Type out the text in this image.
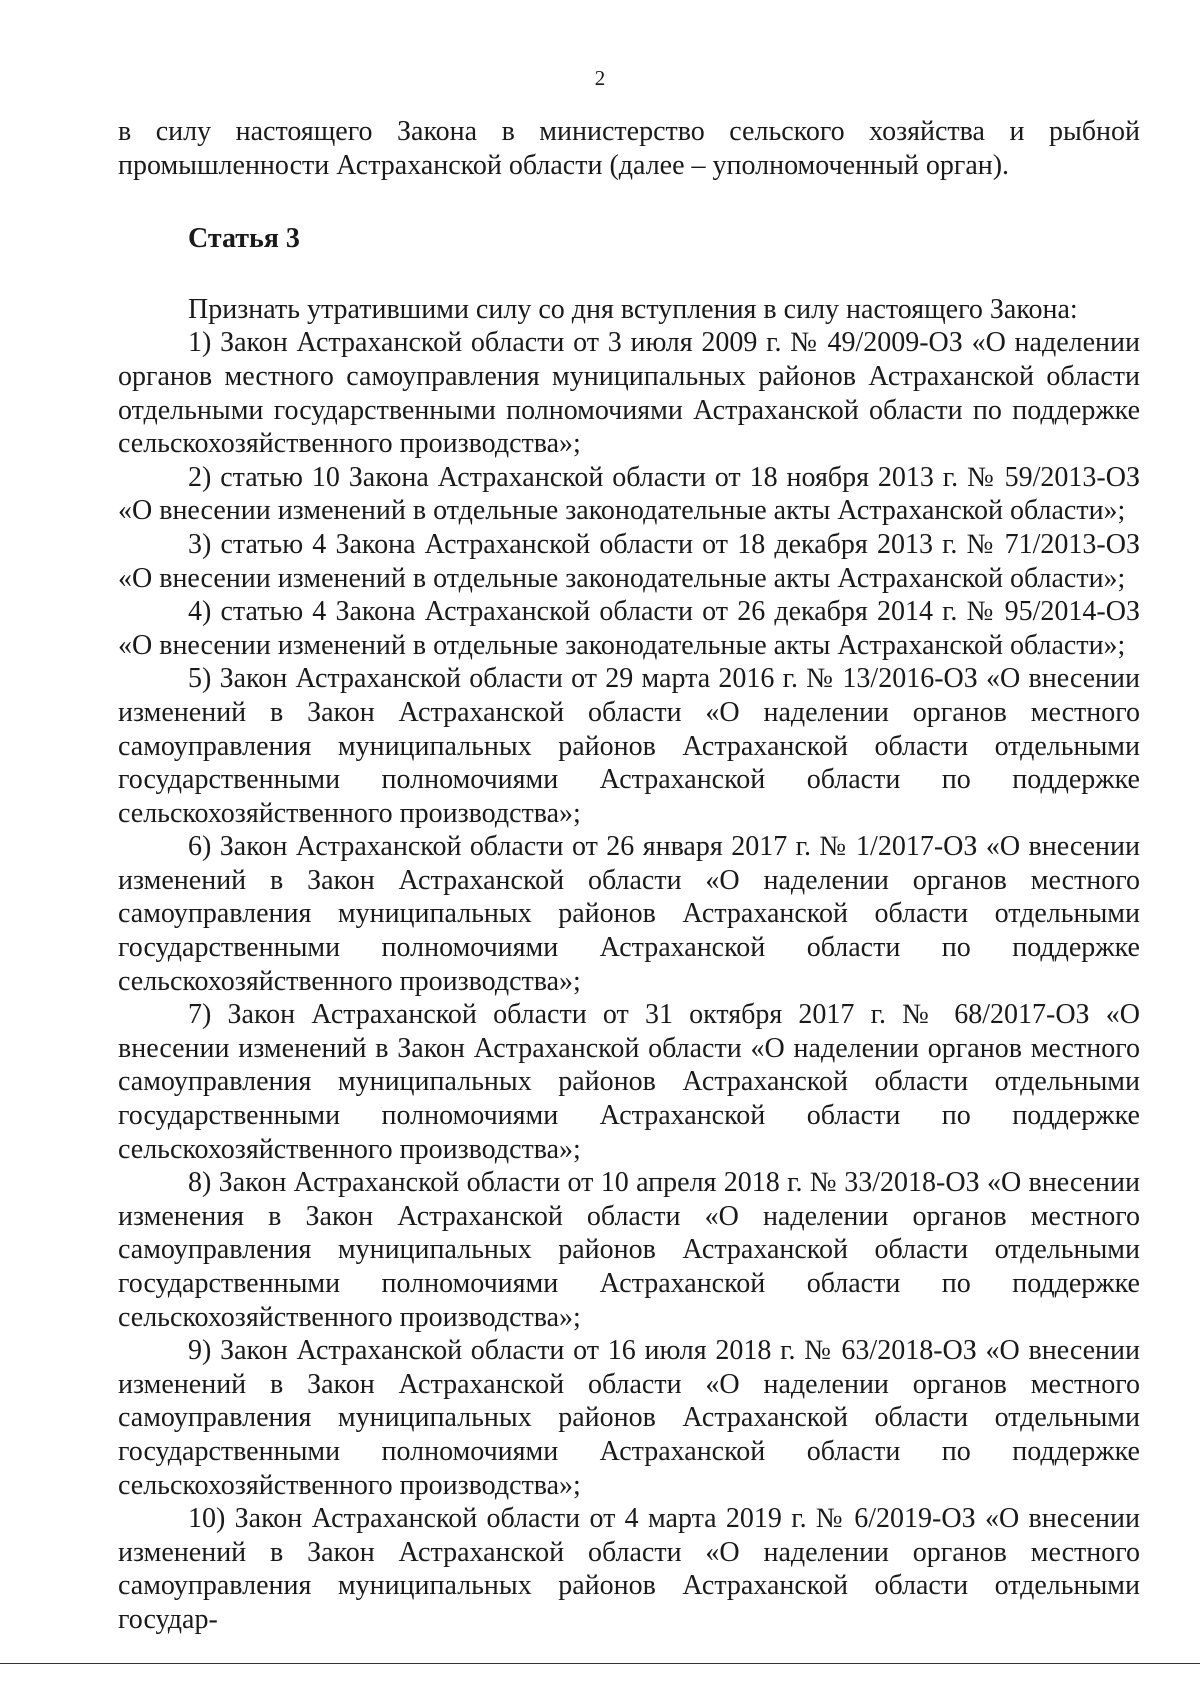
2

в силу настоящего Закона в министерство сельского хозяйства и рыбной промышленности Астраханской области (далее – уполномоченный орган).

Статья 3

Признать утратившими силу со дня вступления в силу настоящего Закона:

1) Закон Астраханской области от 3 июля 2009 г. № 49/2009-ОЗ «О наделении органов местного самоуправления муниципальных районов Астраханской области отдельными государственными полномочиями Астраханской области по поддержке сельскохозяйственного производства»;

2) статью 10 Закона Астраханской области от 18 ноября 2013 г. № 59/2013-ОЗ «О внесении изменений в отдельные законодательные акты Астраханской области»;

3) статью 4 Закона Астраханской области от 18 декабря 2013 г. № 71/2013-ОЗ «О внесении изменений в отдельные законодательные акты Астраханской области»;

4) статью 4 Закона Астраханской области от 26 декабря 2014 г. № 95/2014-ОЗ «О внесении изменений в отдельные законодательные акты Астраханской области»;

5) Закон Астраханской области от 29 марта 2016 г. № 13/2016-ОЗ «О внесении изменений в Закон Астраханской области «О наделении органов местного самоуправления муниципальных районов Астраханской области отдельными государственными полномочиями Астраханской области по поддержке сельскохозяйственного производства»;

6) Закон Астраханской области от 26 января 2017 г. № 1/2017-ОЗ «О внесении изменений в Закон Астраханской области «О наделении органов местного самоуправления муниципальных районов Астраханской области отдельными государственными полномочиями Астраханской области по поддержке сельскохозяйственного производства»;

7) Закон Астраханской области от 31 октября 2017 г. № 68/2017-ОЗ «О внесении изменений в Закон Астраханской области «О наделении органов местного самоуправления муниципальных районов Астраханской области отдельными государственными полномочиями Астраханской области по поддержке сельскохозяйственного производства»;

8) Закон Астраханской области от 10 апреля 2018 г. № 33/2018-ОЗ «О внесении изменения в Закон Астраханской области «О наделении органов местного самоуправления муниципальных районов Астраханской области отдельными государственными полномочиями Астраханской области по поддержке сельскохозяйственного производства»;

9) Закон Астраханской области от 16 июля 2018 г. № 63/2018-ОЗ «О внесении изменений в Закон Астраханской области «О наделении органов местного самоуправления муниципальных районов Астраханской области отдельными государственными полномочиями Астраханской области по поддержке сельскохозяйственного производства»;

10) Закон Астраханской области от 4 марта 2019 г. № 6/2019-ОЗ «О внесении изменений в Закон Астраханской области «О наделении органов местного самоуправления муниципальных районов Астраханской области отдельными государ-
